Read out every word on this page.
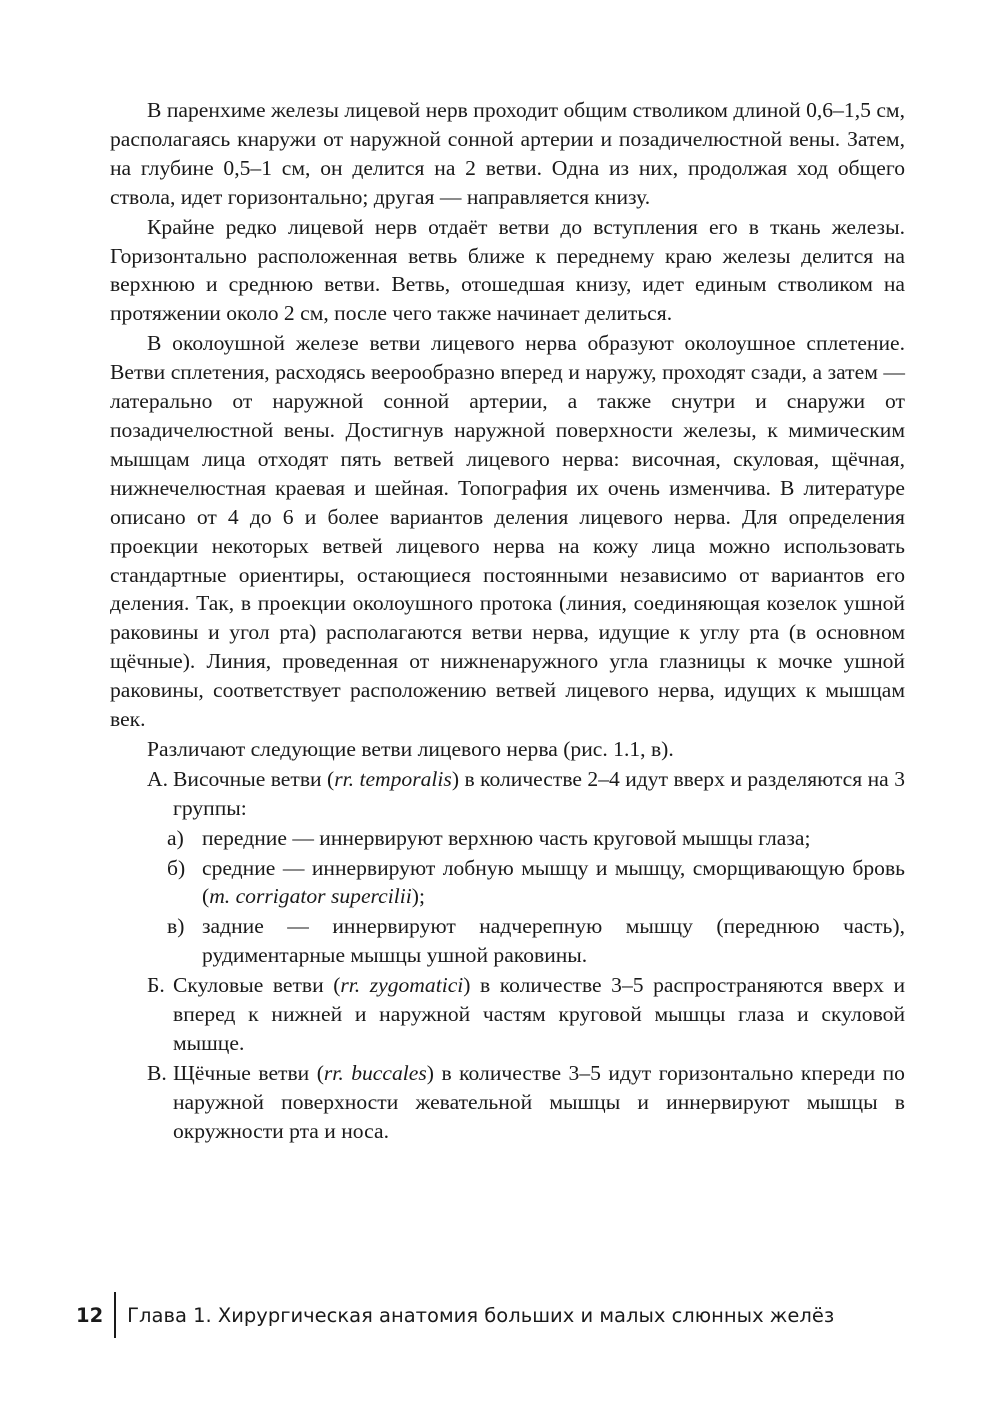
В паренхиме железы лицевой нерв проходит общим стволиком длиной 0,6–1,5 см, располагаясь кнаружи от наружной сонной артерии и позадичелюстной вены. Затем, на глубине 0,5–1 см, он делится на 2 ветви. Одна из них, продолжая ход общего ствола, идет горизонтально; другая — направляется книзу.

Крайне редко лицевой нерв отдаёт ветви до вступления его в ткань железы. Горизонтально расположенная ветвь ближе к переднему краю железы делится на верхнюю и среднюю ветви. Ветвь, отошедшая книзу, идет единым стволиком на протяжении около 2 см, после чего также начинает делиться.

В околоушной железе ветви лицевого нерва образуют околоушное сплетение. Ветви сплетения, расходясь веерообразно вперед и наружу, проходят сзади, а затем — латерально от наружной сонной артерии, а также снутри и снаружи от позадичелюстной вены. Достигнув наружной поверхности железы, к мимическим мышцам лица отходят пять ветвей лицевого нерва: височная, скуловая, щёчная, нижнечелюстная краевая и шейная. Топография их очень изменчива. В литературе описано от 4 до 6 и более вариантов деления лицевого нерва. Для определения проекции некоторых ветвей лицевого нерва на кожу лица можно использовать стандартные ориентиры, остающиеся постоянными независимо от вариантов его деления. Так, в проекции околоушного протока (линия, соединяющая козелок ушной раковины и угол рта) располагаются ветви нерва, идущие к углу рта (в основном щёчные). Линия, проведенная от нижненаружного угла глазницы к мочке ушной раковины, соответствует расположению ветвей лицевого нерва, идущих к мышцам век.

Различают следующие ветви лицевого нерва (рис. 1.1, в).

А. Височные ветви (rr. temporalis) в количестве 2–4 идут вверх и разделяются на 3 группы:
а) передние — иннервируют верхнюю часть круговой мышцы глаза;
б) средние — иннервируют лобную мышцу и мышцу, сморщивающую бровь (m. corrigator supercilii);
в) задние — иннервируют надчерепную мышцу (переднюю часть), рудиментарные мышцы ушной раковины.
Б. Скуловые ветви (rr. zygomatici) в количестве 3–5 распространяются вверх и вперед к нижней и наружной частям круговой мышцы глаза и скуловой мышце.
В. Щёчные ветви (rr. buccales) в количестве 3–5 идут горизонтально кпереди по наружной поверхности жевательной мышцы и иннервируют мышцы в окружности рта и носа.
12 Глава 1. Хирургическая анатомия больших и малых слюнных желёз
